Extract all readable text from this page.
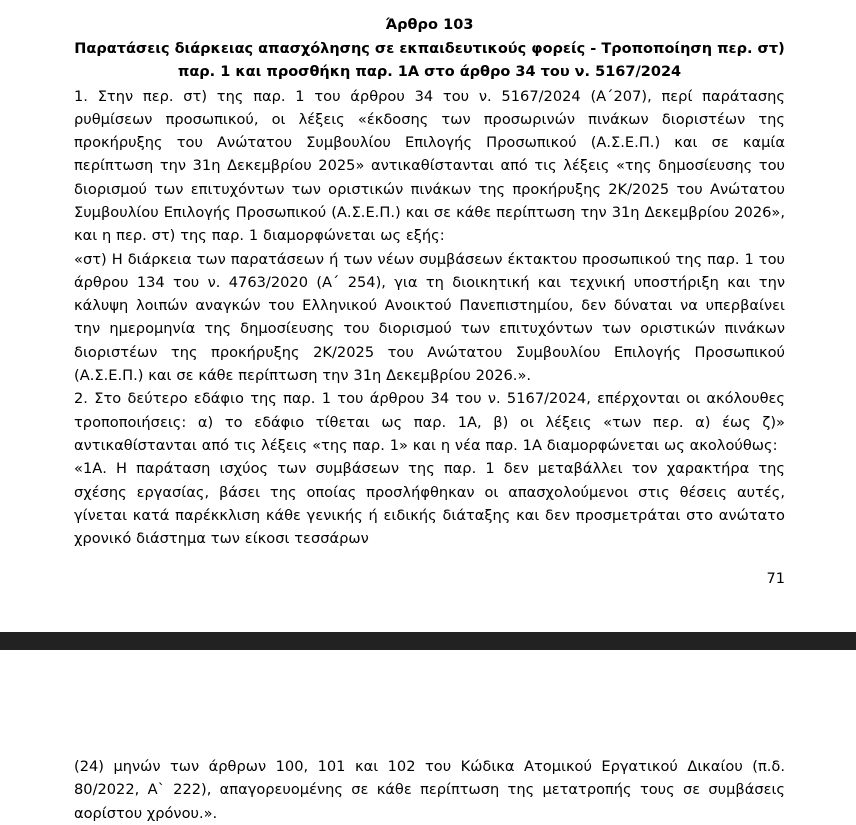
Άρθρο 103
Παρατάσεις διάρκειας απασχόλησης σε εκπαιδευτικούς φορείς - Τροποποίηση περ. στ) παρ. 1 και προσθήκη παρ. 1Α στο άρθρο 34 του ν. 5167/2024

1. Στην περ. στ) της παρ. 1 του άρθρου 34 του ν. 5167/2024 (Α΄207), περί παράτασης ρυθμίσεων προσωπικού, οι λέξεις «έκδοσης των προσωρινών πινάκων διοριστέων της προκήρυξης του Ανώτατου Συμβουλίου Επιλογής Προσωπικού (Α.Σ.Ε.Π.) και σε καμία περίπτωση την 31η Δεκεμβρίου 2025» αντικαθίστανται από τις λέξεις «της δημοσίευσης του διορισμού των επιτυχόντων των οριστικών πινάκων της προκήρυξης 2Κ/2025 του Ανώτατου Συμβουλίου Επιλογής Προσωπικού (Α.Σ.Ε.Π.) και σε κάθε περίπτωση την 31η Δεκεμβρίου 2026», και η περ. στ) της παρ. 1 διαμορφώνεται ως εξής:

«στ) Η διάρκεια των παρατάσεων ή των νέων συμβάσεων έκτακτου προσωπικού της παρ. 1 του άρθρου 134 του ν. 4763/2020 (Α΄ 254), για τη διοικητική και τεχνική υποστήριξη και την κάλυψη λοιπών αναγκών του Ελληνικού Ανοικτού Πανεπιστημίου, δεν δύναται να υπερβαίνει την ημερομηνία της δημοσίευσης του διορισμού των επιτυχόντων των οριστικών πινάκων διοριστέων της προκήρυξης 2Κ/2025 του Ανώτατου Συμβουλίου Επιλογής Προσωπικού (Α.Σ.Ε.Π.) και σε κάθε περίπτωση την 31η Δεκεμβρίου 2026.».

2. Στο δεύτερο εδάφιο της παρ. 1 του άρθρου 34 του ν. 5167/2024, επέρχονται οι ακόλουθες τροποποιήσεις: α) το εδάφιο τίθεται ως παρ. 1Α, β) οι λέξεις «των περ. α) έως ζ)» αντικαθίστανται από τις λέξεις «της παρ. 1» και η νέα παρ. 1Α διαμορφώνεται ως ακολούθως:

«1Α. Η παράταση ισχύος των συμβάσεων της παρ. 1 δεν μεταβάλλει τον χαρακτήρα της σχέσης εργασίας, βάσει της οποίας προσλήφθηκαν οι απασχολούμενοι στις θέσεις αυτές, γίνεται κατά παρέκκλιση κάθε γενικής ή ειδικής διάταξης και δεν προσμετράται στο ανώτατο χρονικό διάστημα των είκοσι τεσσάρων

71

(24) μηνών των άρθρων 100, 101 και 102 του Κώδικα Ατομικού Εργατικού Δικαίου (π.δ. 80/2022, Α` 222), απαγορευομένης σε κάθε περίπτωση της μετατροπής τους σε συμβάσεις αορίστου χρόνου.».
